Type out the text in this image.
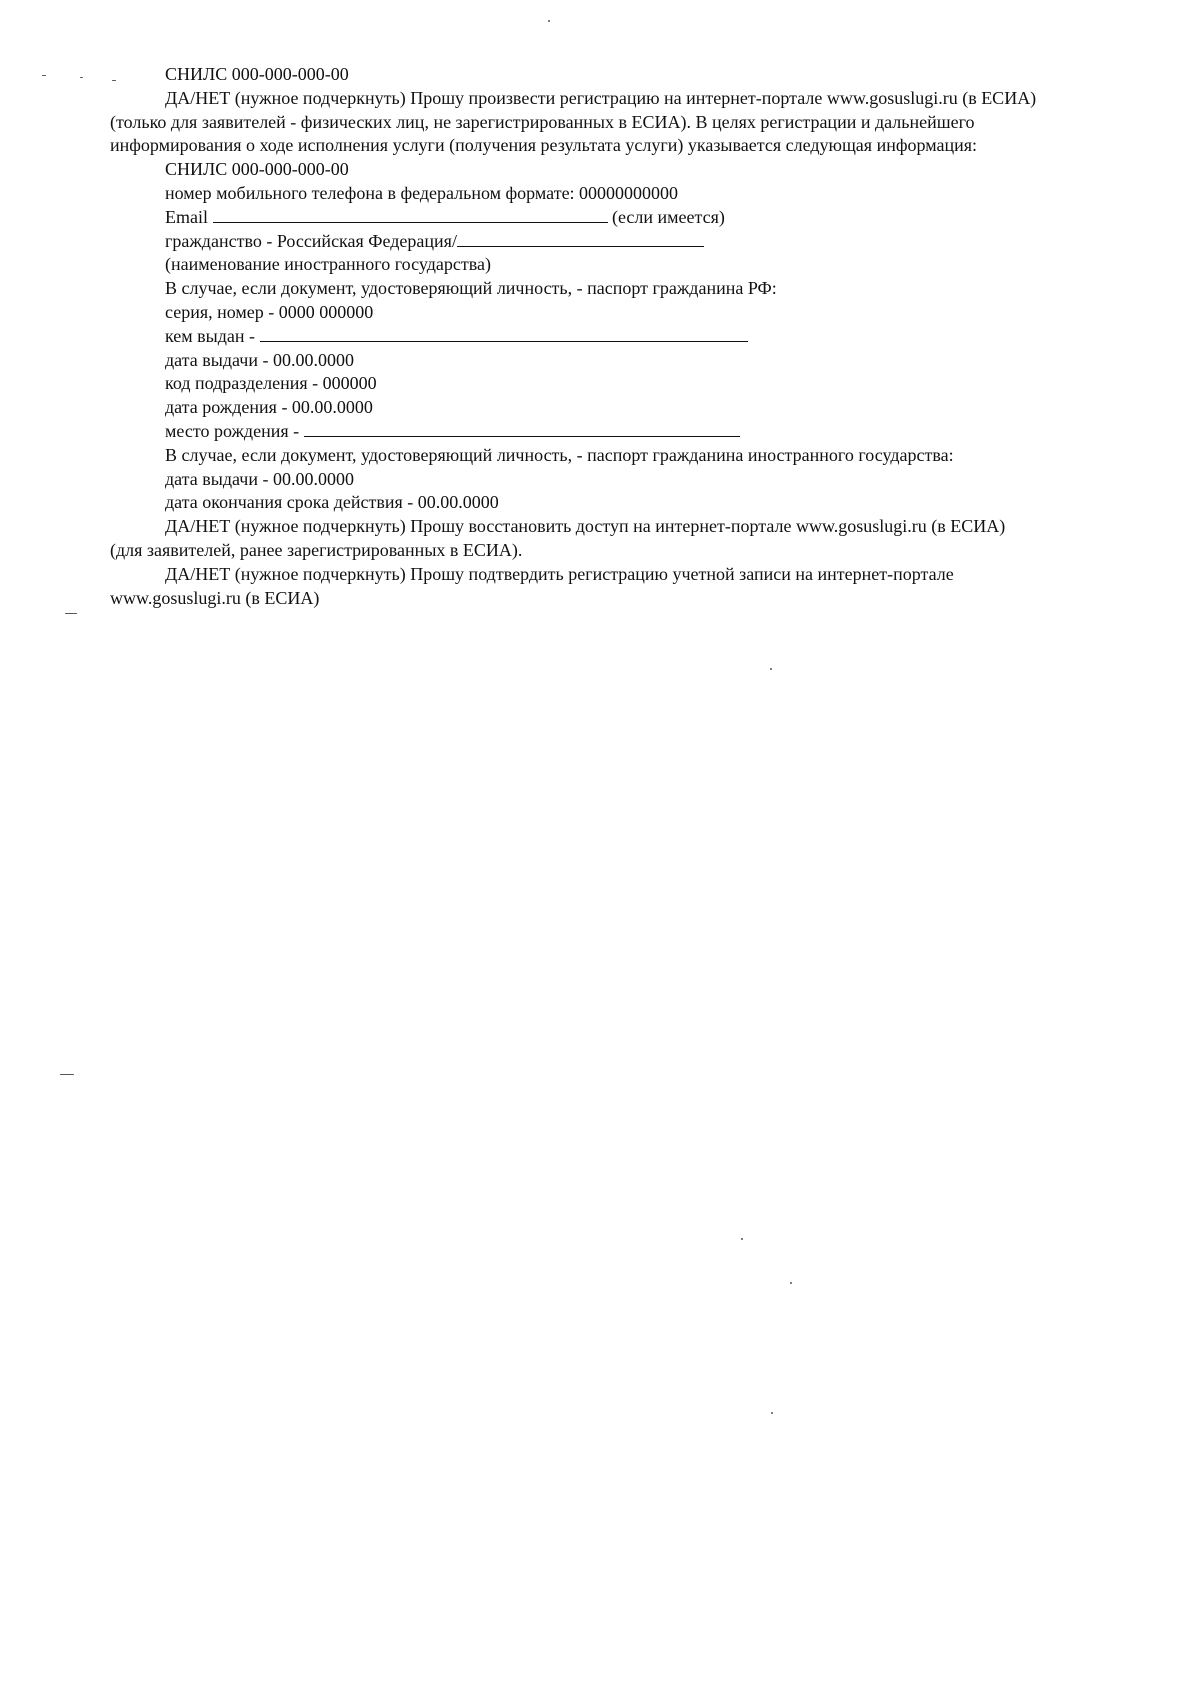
СНИЛС 000-000-000-00

ДА/НЕТ (нужное подчеркнуть) Прошу произвести регистрацию на интернет-портале www.gosuslugi.ru (в ЕСИА)

(только для заявителей - физических лиц, не зарегистрированных в ЕСИА). В целях регистрации и дальнейшего

информирования о ходе исполнения услуги (получения результата услуги) указывается следующая информация:

СНИЛС 000-000-000-00

номер мобильного телефона в федеральном формате: 00000000000

Email	(если имеется)

гражданство - Российская Федерация/

(наименование иностранного государства)

В случае, если документ, удостоверяющий личность, - паспорт гражданина РФ:

серия, номер - 0000 000000

кем выдан -

дата выдачи - 00.00.0000

код подразделения - 000000

дата рождения - 00.00.0000

место рождения -

В случае, если документ, удостоверяющий личность, - паспорт гражданина иностранного государства:

дата выдачи - 00.00.0000

дата окончания срока действия - 00.00.0000

ДА/НЕТ (нужное подчеркнуть) Прошу восстановить доступ на интернет-портале www.gosuslugi.ru (в ЕСИА)

(для заявителей, ранее зарегистрированных в ЕСИА).

ДА/НЕТ (нужное подчеркнуть) Прошу подтвердить регистрацию учетной записи на интернет-портале

www.gosuslugi.ru (в ЕСИА)
